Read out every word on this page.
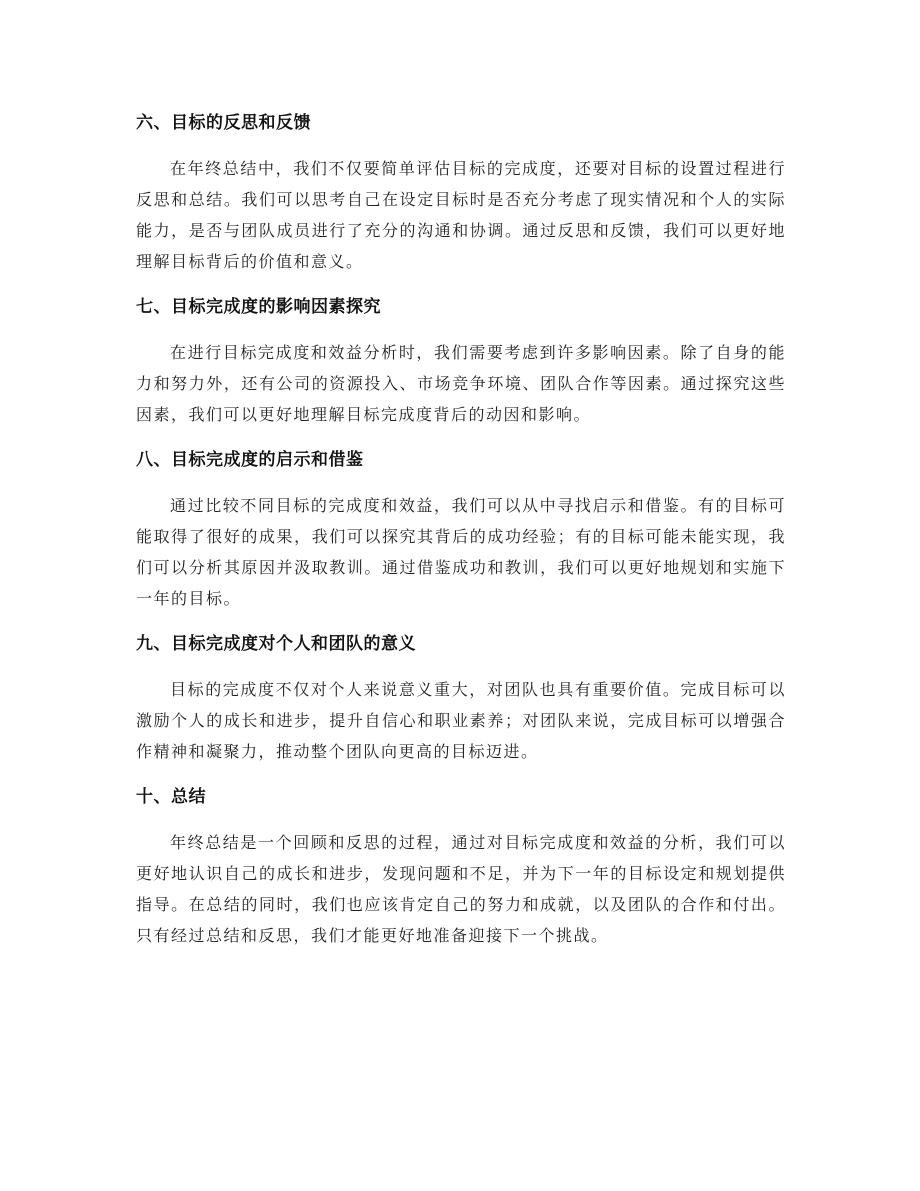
六、目标的反思和反馈

在年终总结中，我们不仅要简单评估目标的完成度，还要对目标的设置过程进行反思和总结。我们可以思考自己在设定目标时是否充分考虑了现实情况和个人的实际能力，是否与团队成员进行了充分的沟通和协调。通过反思和反馈，我们可以更好地理解目标背后的价值和意义。

七、目标完成度的影响因素探究

在进行目标完成度和效益分析时，我们需要考虑到许多影响因素。除了自身的能力和努力外，还有公司的资源投入、市场竞争环境、团队合作等因素。通过探究这些因素，我们可以更好地理解目标完成度背后的动因和影响。

八、目标完成度的启示和借鉴

通过比较不同目标的完成度和效益，我们可以从中寻找启示和借鉴。有的目标可能取得了很好的成果，我们可以探究其背后的成功经验；有的目标可能未能实现，我们可以分析其原因并汲取教训。通过借鉴成功和教训，我们可以更好地规划和实施下一年的目标。

九、目标完成度对个人和团队的意义

目标的完成度不仅对个人来说意义重大，对团队也具有重要价值。完成目标可以激励个人的成长和进步，提升自信心和职业素养；对团队来说，完成目标可以增强合作精神和凝聚力，推动整个团队向更高的目标迈进。

十、总结

年终总结是一个回顾和反思的过程，通过对目标完成度和效益的分析，我们可以更好地认识自己的成长和进步，发现问题和不足，并为下一年的目标设定和规划提供指导。在总结的同时，我们也应该肯定自己的努力和成就，以及团队的合作和付出。只有经过总结和反思，我们才能更好地准备迎接下一个挑战。
